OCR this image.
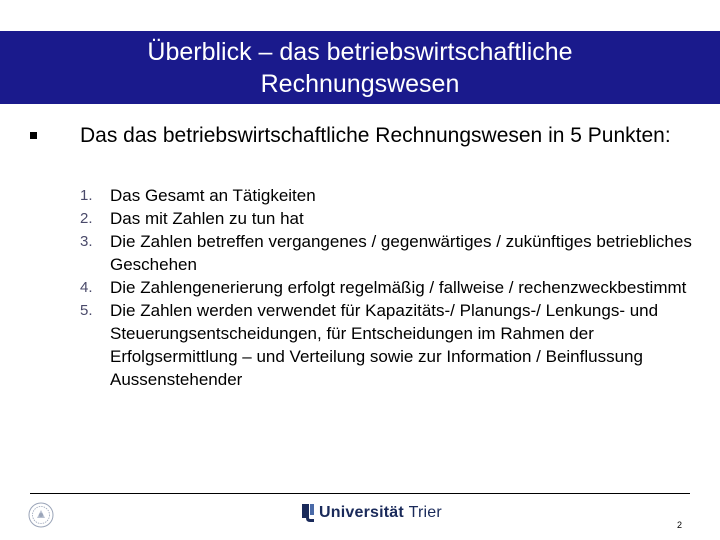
Überblick – das betriebswirtschaftliche
Rechnungswesen
Das das betriebswirtschaftliche Rechnungswesen in 5 Punkten:
1.	Das Gesamt an Tätigkeiten
2.	Das mit Zahlen zu tun hat
3.	Die Zahlen betreffen vergangenes / gegenwärtiges / zukünftiges betriebliches Geschehen
4.	Die Zahlengenerierung erfolgt regelmäßig / fallweise / rechenzweckbestimmt
5.	Die Zahlen werden verwendet für Kapazitäts-/ Planungs-/ Lenkungs- und Steuerungsentscheidungen, für Entscheidungen im Rahmen der Erfolgsermittlung – und Verteilung sowie zur Information / Beinflussung Aussenstehender
Universität Trier
2
